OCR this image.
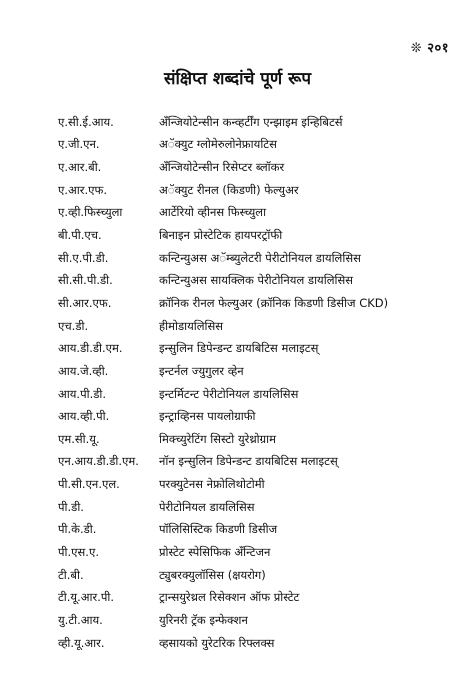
❊ २०१
संक्षिप्त शब्दांचे पूर्ण रूप
ए.सी.ई.आय.	अँन्जियोटेन्सीन कन्व्हर्टींग एन्झाइम इन्हिबिटर्स
ए.जी.एन.	अॅक्युट ग्लोमेरुलोनेफ्रायटिस
ए.आर.बी.	अँन्जियोटेन्सीन रिसेप्टर ब्लॉकर
ए.आर.एफ.	अॅक्युट रीनल (किडणी) फेल्युअर
ए.व्ही.फिस्च्युला	आर्टेरियो व्हीनस फिस्च्युला
बी.पी.एच.	बिनाइन प्रोस्टेटिक हायपरट्रॉफी
सी.ए.पी.डी.	कन्टिन्युअस अॅम्ब्युलेटरी पेरीटोनियल डायलिसिस
सी.सी.पी.डी.	कन्टिन्युअस सायक्लिक पेरीटोनियल डायलिसिस
सी.आर.एफ.	क्रॉनिक रीनल फेल्युअर (क्रॉनिक किडणी डिसीज CKD)
एच.डी.	हीमोडायलिसिस
आय.डी.डी.एम.	इन्सुलिन डिपेन्डन्ट डायबिटिस मलाइटस्
आय.जे.व्ही.	इन्टर्नल ज्युगुलर व्हेन
आय.पी.डी.	इन्टर्मिटन्ट पेरीटोनियल डायलिसिस
आय.व्ही.पी.	इन्ट्राव्हिनस पायलोग्राफी
एम.सी.यू.	मिक्च्युरेटिंग सिस्टो युरेथ्रोग्राम
एन.आय.डी.डी.एम.	नॉन इन्सुलिन डिपेन्डन्ट डायबिटिस मलाइटस्
पी.सी.एन.एल.	परक्युटेनस नेफ्रोलिथोटोमी
पी.डी.	पेरीटोनियल डायलिसिस
पी.के.डी.	पॉलिसिस्टिक किडणी डिसीज
पी.एस.ए.	प्रोस्टेट स्पेसिफिक अँन्टिजन
टी.बी.	ट्युबरक्युलॉसिस (क्षयरोग)
टी.यू.आर.पी.	ट्रान्सयुरेथ्रल रिसेक्शन ऑफ प्रोस्टेट
यु.टी.आय.	युरिनरी ट्रॅक इन्फेक्शन
व्ही.यू.आर.	व्हसायको युरेटरिक रिफ्लक्स
